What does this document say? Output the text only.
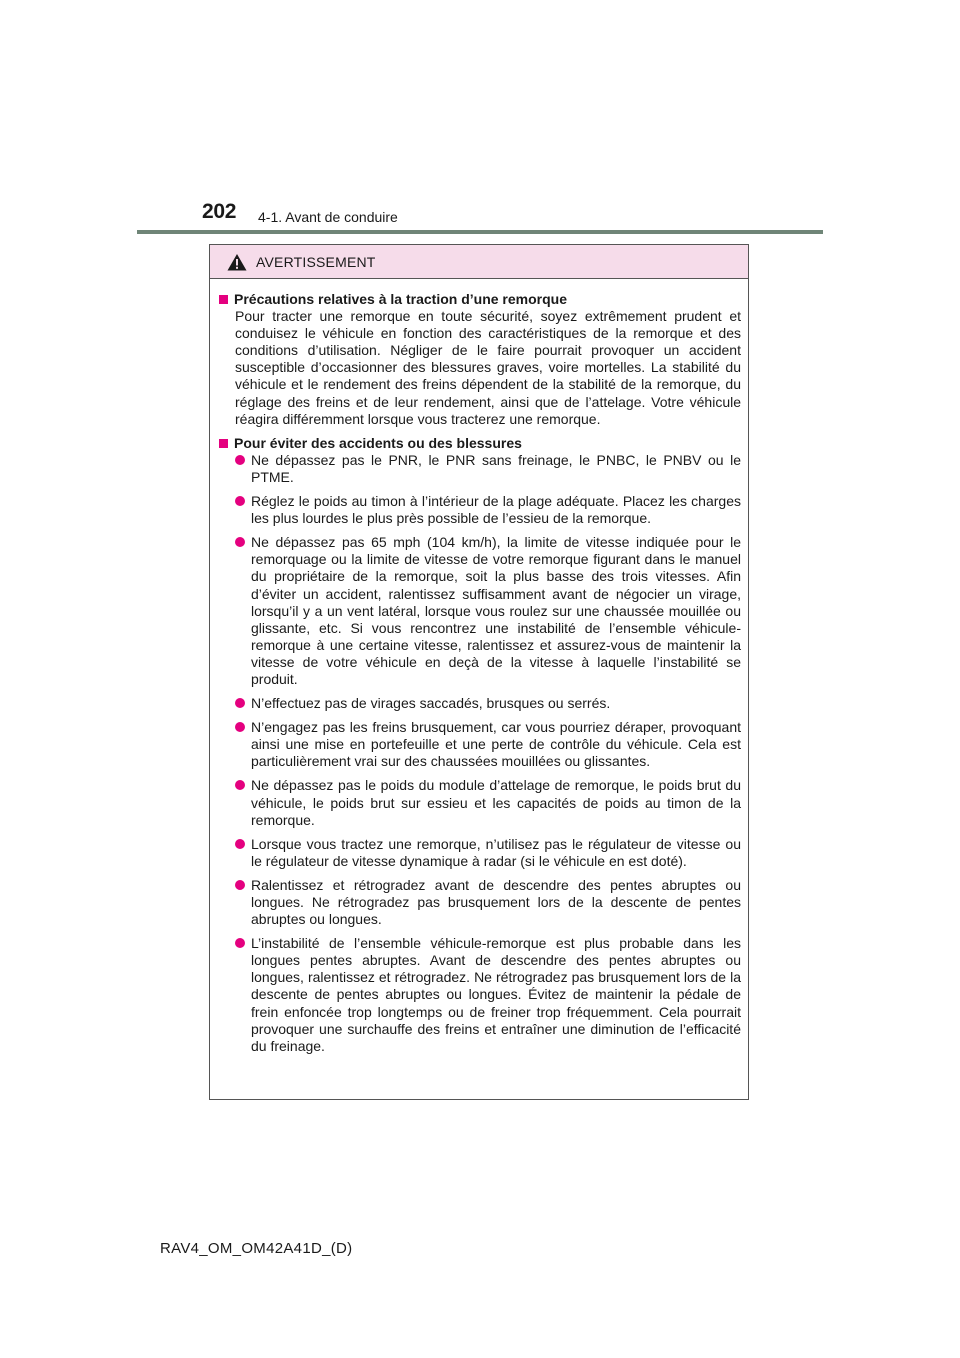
202 4-1. Avant de conduire
AVERTISSEMENT
Précautions relatives à la traction d’une remorque
Pour tracter une remorque en toute sécurité, soyez extrêmement prudent et conduisez le véhicule en fonction des caractéristiques de la remorque et des conditions d’utilisation. Négliger de le faire pourrait provoquer un accident susceptible d’occasionner des blessures graves, voire mortelles. La stabilité du véhicule et le rendement des freins dépendent de la stabilité de la remorque, du réglage des freins et de leur rendement, ainsi que de l’attelage. Votre véhicule réagira différemment lorsque vous tracterez une remorque.
Pour éviter des accidents ou des blessures
Ne dépassez pas le PNR, le PNR sans freinage, le PNBC, le PNBV ou le PTME.
Réglez le poids au timon à l’intérieur de la plage adéquate. Placez les charges les plus lourdes le plus près possible de l’essieu de la remorque.
Ne dépassez pas 65 mph (104 km/h), la limite de vitesse indiquée pour le remorquage ou la limite de vitesse de votre remorque figurant dans le manuel du propriétaire de la remorque, soit la plus basse des trois vitesses. Afin d’éviter un accident, ralentissez suffisamment avant de négocier un virage, lorsqu’il y a un vent latéral, lorsque vous roulez sur une chaussée mouillée ou glissante, etc. Si vous rencontrez une instabilité de l’ensemble véhicule-remorque à une certaine vitesse, ralentissez et assurez-vous de maintenir la vitesse de votre véhicule en deçà de la vitesse à laquelle l’instabilité se produit.
N’effectuez pas de virages saccadés, brusques ou serrés.
N’engagez pas les freins brusquement, car vous pourriez déraper, provoquant ainsi une mise en portefeuille et une perte de contrôle du véhicule. Cela est particulièrement vrai sur des chaussées mouillées ou glissantes.
Ne dépassez pas le poids du module d’attelage de remorque, le poids brut du véhicule, le poids brut sur essieu et les capacités de poids au timon de la remorque.
Lorsque vous tractez une remorque, n’utilisez pas le régulateur de vitesse ou le régulateur de vitesse dynamique à radar (si le véhicule en est doté).
Ralentissez et rétrogradez avant de descendre des pentes abruptes ou longues. Ne rétrogradez pas brusquement lors de la descente de pentes abruptes ou longues.
L’instabilité de l’ensemble véhicule-remorque est plus probable dans les longues pentes abruptes. Avant de descendre des pentes abruptes ou longues, ralentissez et rétrogradez. Ne rétrogradez pas brusquement lors de la descente de pentes abruptes ou longues. Évitez de maintenir la pédale de frein enfoncée trop longtemps ou de freiner trop fréquemment. Cela pourrait provoquer une surchauffe des freins et entraîner une diminution de l’efficacité du freinage.
RAV4_OM_OM42A41D_(D)
